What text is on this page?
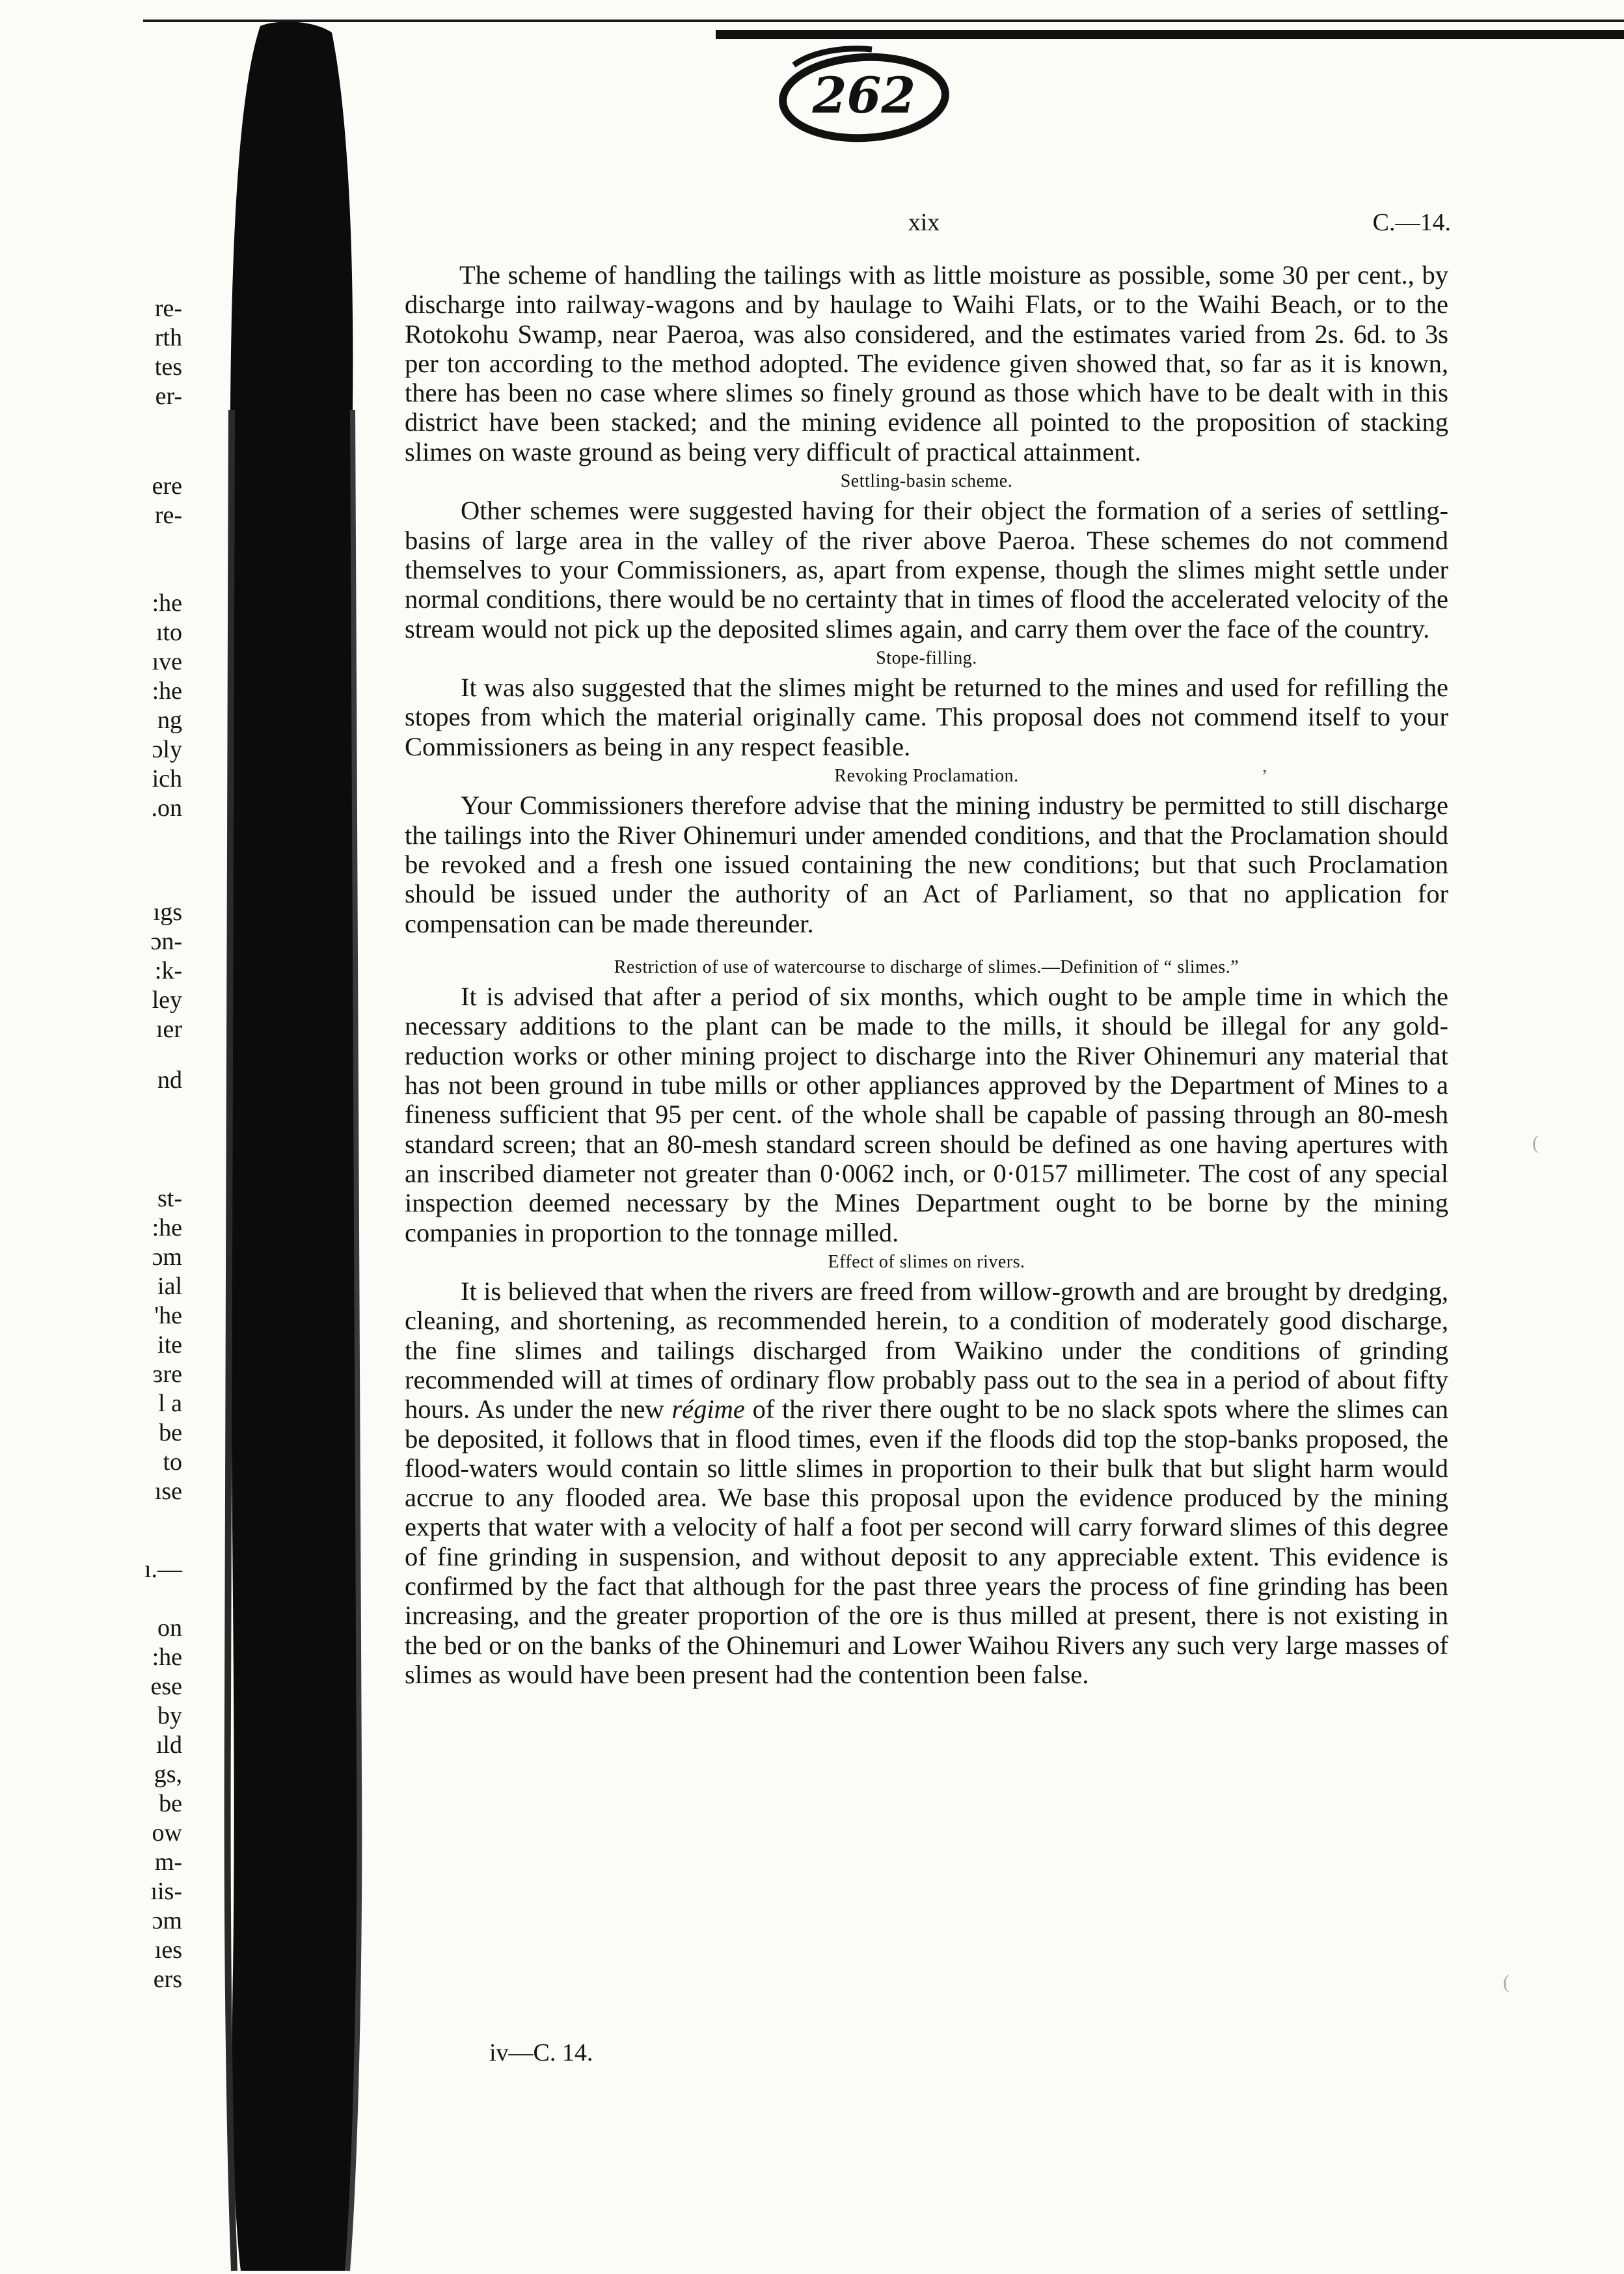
re-
rth
tes
er-
ere
re-
:he
ıto
ıve
:he
ng
ɔly
ich
.on
ıgs
ɔn-
:k-
ley
ıer
nd
st-
:he
ɔm
ial
'he
ite
ɜre
l a
be
to
ıse
ı.—
on
:he
ese
by
ıld
gs,
be
ow
m-
ıis-
ɔm
ıes
ers
262
xix	C.—14.

The scheme of handling the tailings with as little moisture as possible, some 30 per cent., by discharge into railway-wagons and by haulage to Waihi Flats, or to the Waihi Beach, or to the Rotokohu Swamp, near Paeroa, was also considered, and the estimates varied from 2s. 6d. to 3s per ton according to the method adopted. The evidence given showed that, so far as it is known, there has been no case where slimes so finely ground as those which have to be dealt with in this district have been stacked; and the mining evidence all pointed to the proposition of stacking slimes on waste ground as being very difficult of practical attainment.

Settling-basin scheme.

Other schemes were suggested having for their object the formation of a series of settling-basins of large area in the valley of the river above Paeroa. These schemes do not commend themselves to your Commissioners, as, apart from expense, though the slimes might settle under normal conditions, there would be no certainty that in times of flood the accelerated velocity of the stream would not pick up the deposited slimes again, and carry them over the face of the country.

Stope-filling.

It was also suggested that the slimes might be returned to the mines and used for refilling the stopes from which the material originally came. This proposal does not commend itself to your Commissioners as being in any respect feasible.

Revoking Proclamation.

Your Commissioners therefore advise that the mining industry be permitted to still discharge the tailings into the River Ohinemuri under amended conditions, and that the Proclamation should be revoked and a fresh one issued containing the new conditions; but that such Proclamation should be issued under the authority of an Act of Parliament, so that no application for compensation can be made thereunder.

Restriction of use of watercourse to discharge of slimes.—Definition of “ slimes.”

It is advised that after a period of six months, which ought to be ample time in which the necessary additions to the plant can be made to the mills, it should be illegal for any gold-reduction works or other mining project to discharge into the River Ohinemuri any material that has not been ground in tube mills or other appliances approved by the Department of Mines to a fineness sufficient that 95 per cent. of the whole shall be capable of passing through an 80-mesh standard screen; that an 80-mesh standard screen should be defined as one having apertures with an inscribed diameter not greater than 0·0062 inch, or 0·0157 millimeter. The cost of any special inspection deemed necessary by the Mines Department ought to be borne by the mining companies in proportion to the tonnage milled.

Effect of slimes on rivers.

It is believed that when the rivers are freed from willow-growth and are brought by dredging, cleaning, and shortening, as recommended herein, to a condition of moderately good discharge, the fine slimes and tailings discharged from Waikino under the conditions of grinding recommended will at times of ordinary flow probably pass out to the sea in a period of about fifty hours. As under the new régime of the river there ought to be no slack spots where the slimes can be deposited, it follows that in flood times, even if the floods did top the stop-banks proposed, the flood-waters would contain so little slimes in proportion to their bulk that but slight harm would accrue to any flooded area. We base this proposal upon the evidence produced by the mining experts that water with a velocity of half a foot per second will carry forward slimes of this degree of fine grinding in suspension, and without deposit to any appreciable extent. This evidence is confirmed by the fact that although for the past three years the process of fine grinding has been increasing, and the greater proportion of the ore is thus milled at present, there is not existing in the bed or on the banks of the Ohinemuri and Lower Waihou Rivers any such very large masses of slimes as would have been present had the contention been false.

iv—C. 14.
,
(
(
